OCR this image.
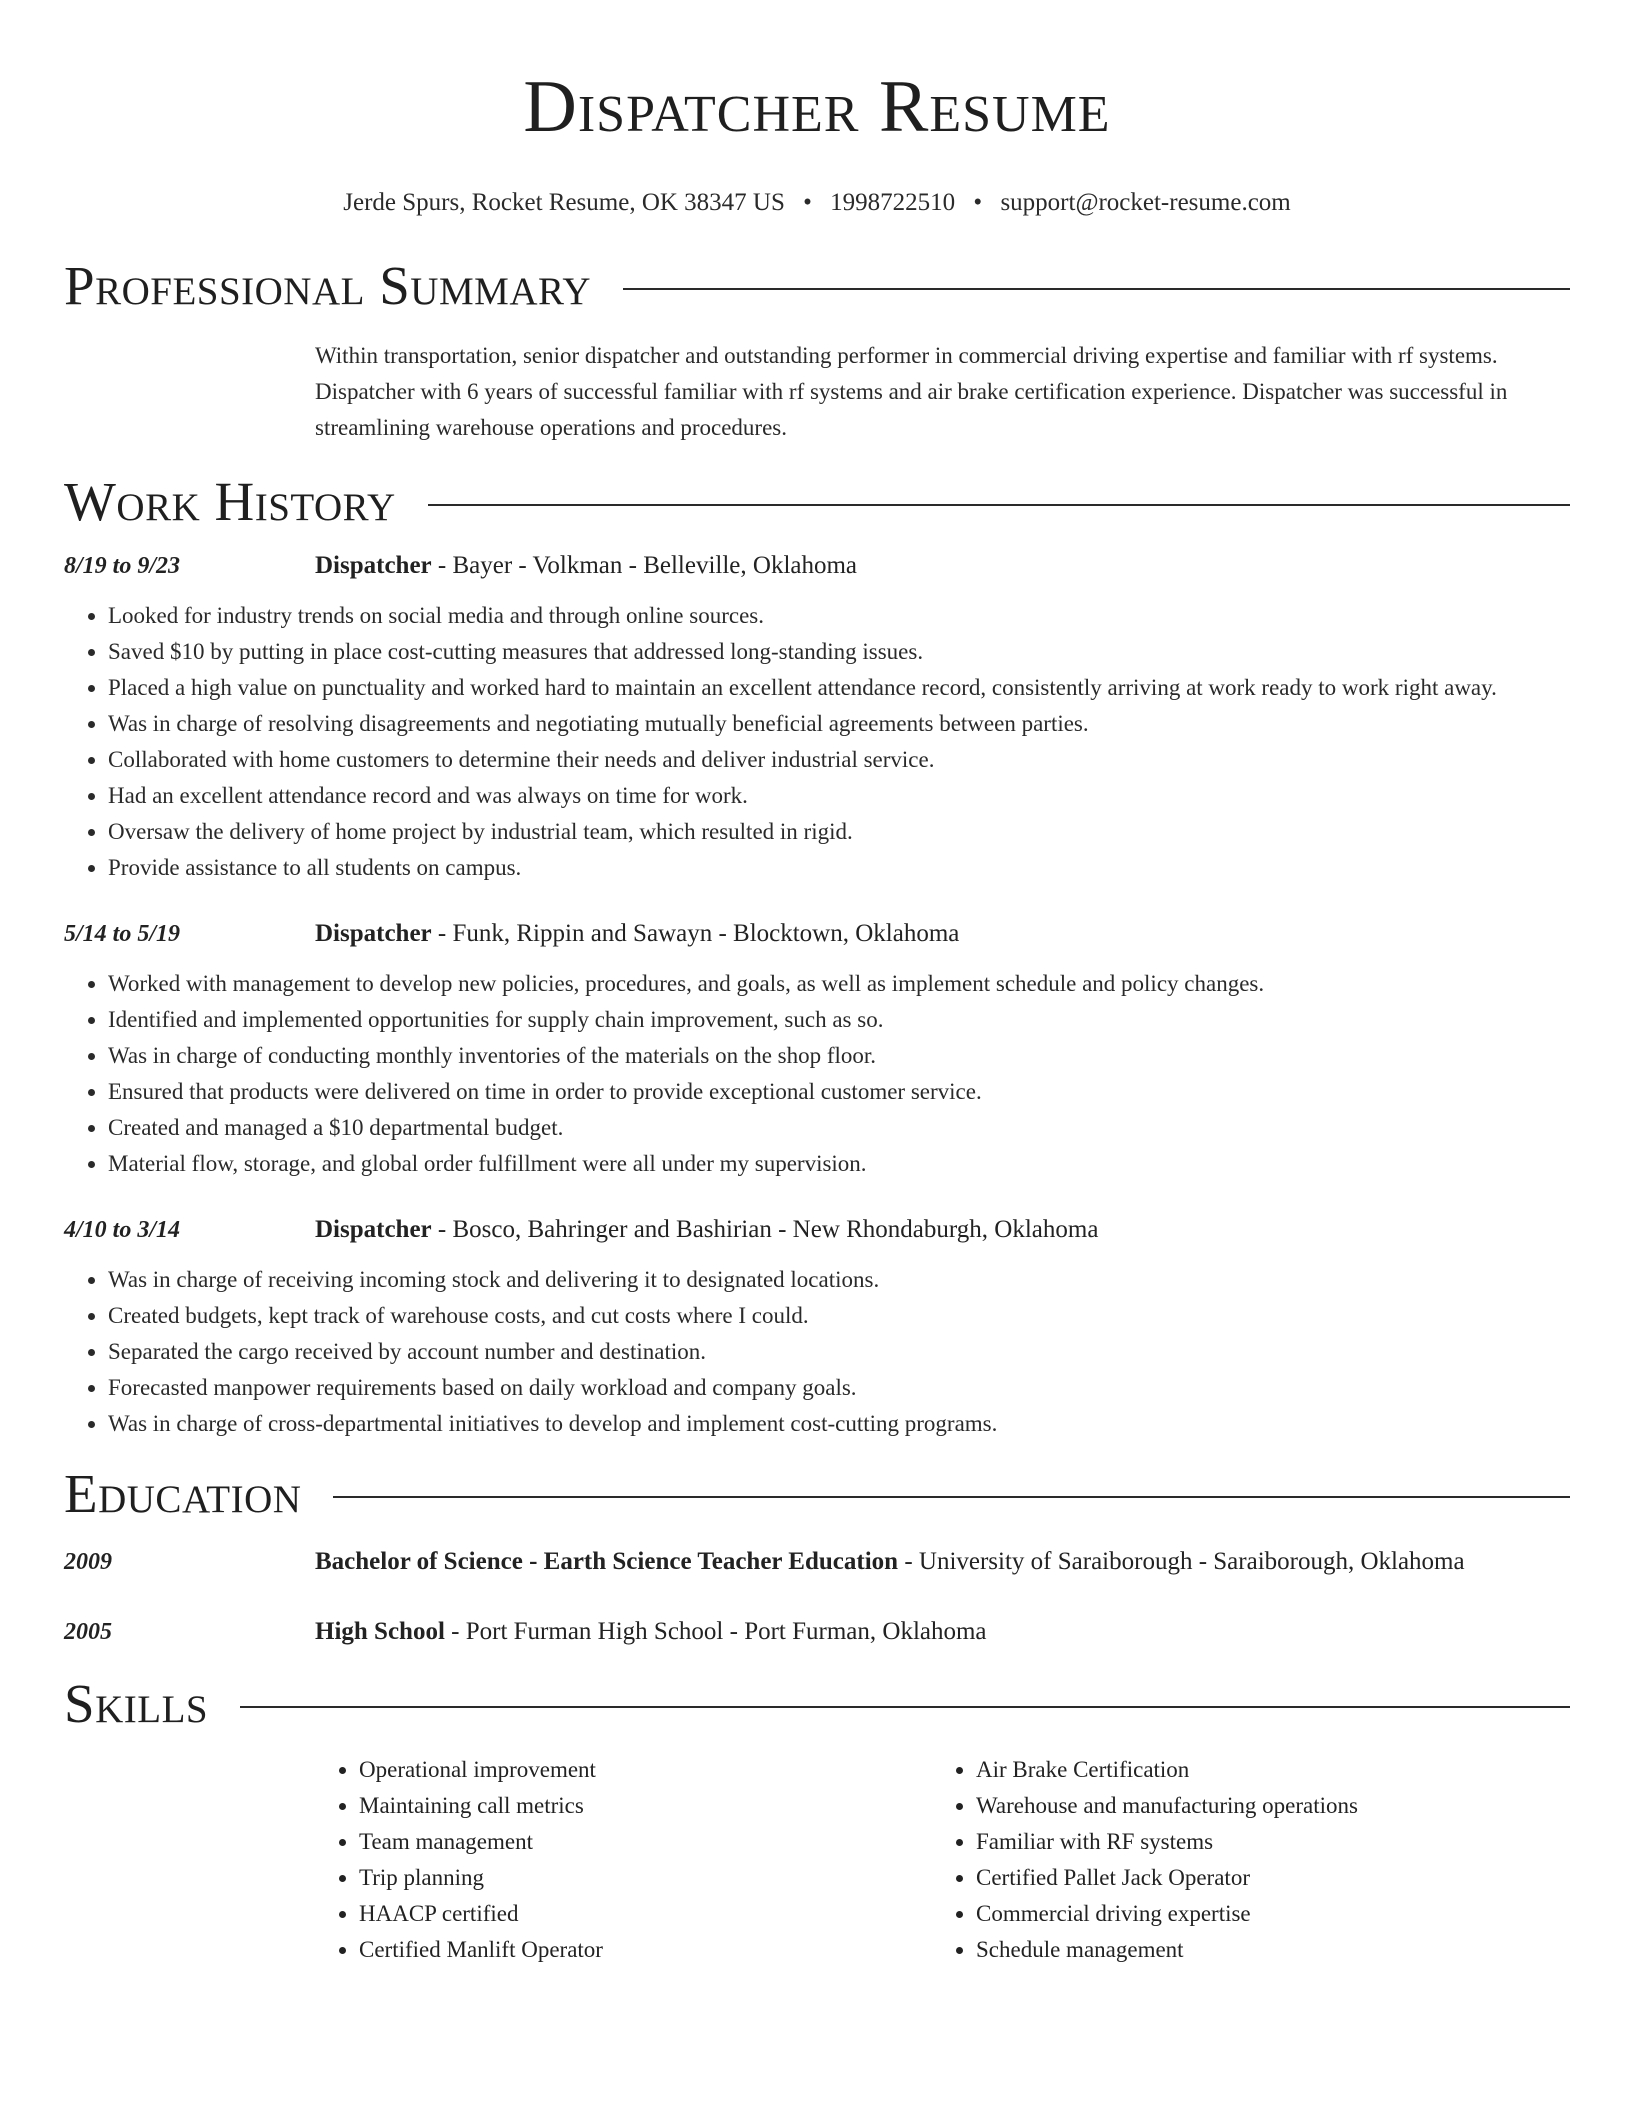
Dispatcher Resume
Jerde Spurs, Rocket Resume, OK 38347 US • 1998722510 • support@rocket-resume.com
Professional Summary
Within transportation, senior dispatcher and outstanding performer in commercial driving expertise and familiar with rf systems. Dispatcher with 6 years of successful familiar with rf systems and air brake certification experience. Dispatcher was successful in streamlining warehouse operations and procedures.
Work History
8/19 to 9/23	Dispatcher - Bayer - Volkman - Belleville, Oklahoma
• Looked for industry trends on social media and through online sources.
• Saved $10 by putting in place cost-cutting measures that addressed long-standing issues.
• Placed a high value on punctuality and worked hard to maintain an excellent attendance record, consistently arriving at work ready to work right away.
• Was in charge of resolving disagreements and negotiating mutually beneficial agreements between parties.
• Collaborated with home customers to determine their needs and deliver industrial service.
• Had an excellent attendance record and was always on time for work.
• Oversaw the delivery of home project by industrial team, which resulted in rigid.
• Provide assistance to all students on campus.
5/14 to 5/19	Dispatcher - Funk, Rippin and Sawayn - Blocktown, Oklahoma
• Worked with management to develop new policies, procedures, and goals, as well as implement schedule and policy changes.
• Identified and implemented opportunities for supply chain improvement, such as so.
• Was in charge of conducting monthly inventories of the materials on the shop floor.
• Ensured that products were delivered on time in order to provide exceptional customer service.
• Created and managed a $10 departmental budget.
• Material flow, storage, and global order fulfillment were all under my supervision.
4/10 to 3/14	Dispatcher - Bosco, Bahringer and Bashirian - New Rhondaburgh, Oklahoma
• Was in charge of receiving incoming stock and delivering it to designated locations.
• Created budgets, kept track of warehouse costs, and cut costs where I could.
• Separated the cargo received by account number and destination.
• Forecasted manpower requirements based on daily workload and company goals.
• Was in charge of cross-departmental initiatives to develop and implement cost-cutting programs.
Education
2009	Bachelor of Science - Earth Science Teacher Education - University of Saraiborough - Saraiborough, Oklahoma
2005	High School - Port Furman High School - Port Furman, Oklahoma
Skills
• Operational improvement
• Maintaining call metrics
• Team management
• Trip planning
• HAACP certified
• Certified Manlift Operator
• Air Brake Certification
• Warehouse and manufacturing operations
• Familiar with RF systems
• Certified Pallet Jack Operator
• Commercial driving expertise
• Schedule management
